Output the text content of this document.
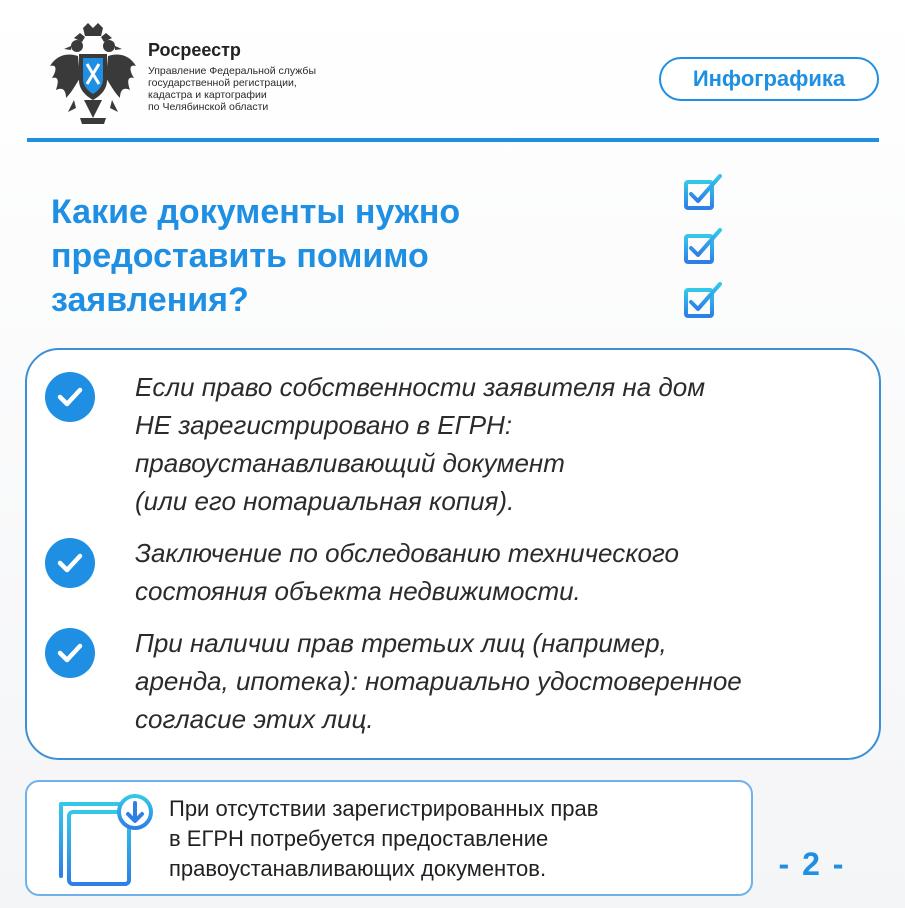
Росреестр
Управление Федеральной службы
государственной регистрации,
кадастра и картографии
по Челябинской области
Инфографика
Какие документы нужно
предоставить помимо
заявления?
Если право собственности заявителя на дом
НЕ зарегистрировано в ЕГРН:
правоустанавливающий документ
(или его нотариальная копия).
Заключение по обследованию технического
состояния объекта недвижимости.
При наличии прав третьих лиц (например,
аренда, ипотека): нотариально удостоверенное
согласие этих лиц.
При отсутствии зарегистрированных прав
в ЕГРН потребуется предоставление
правоустанавливающих документов.	- 2 -
